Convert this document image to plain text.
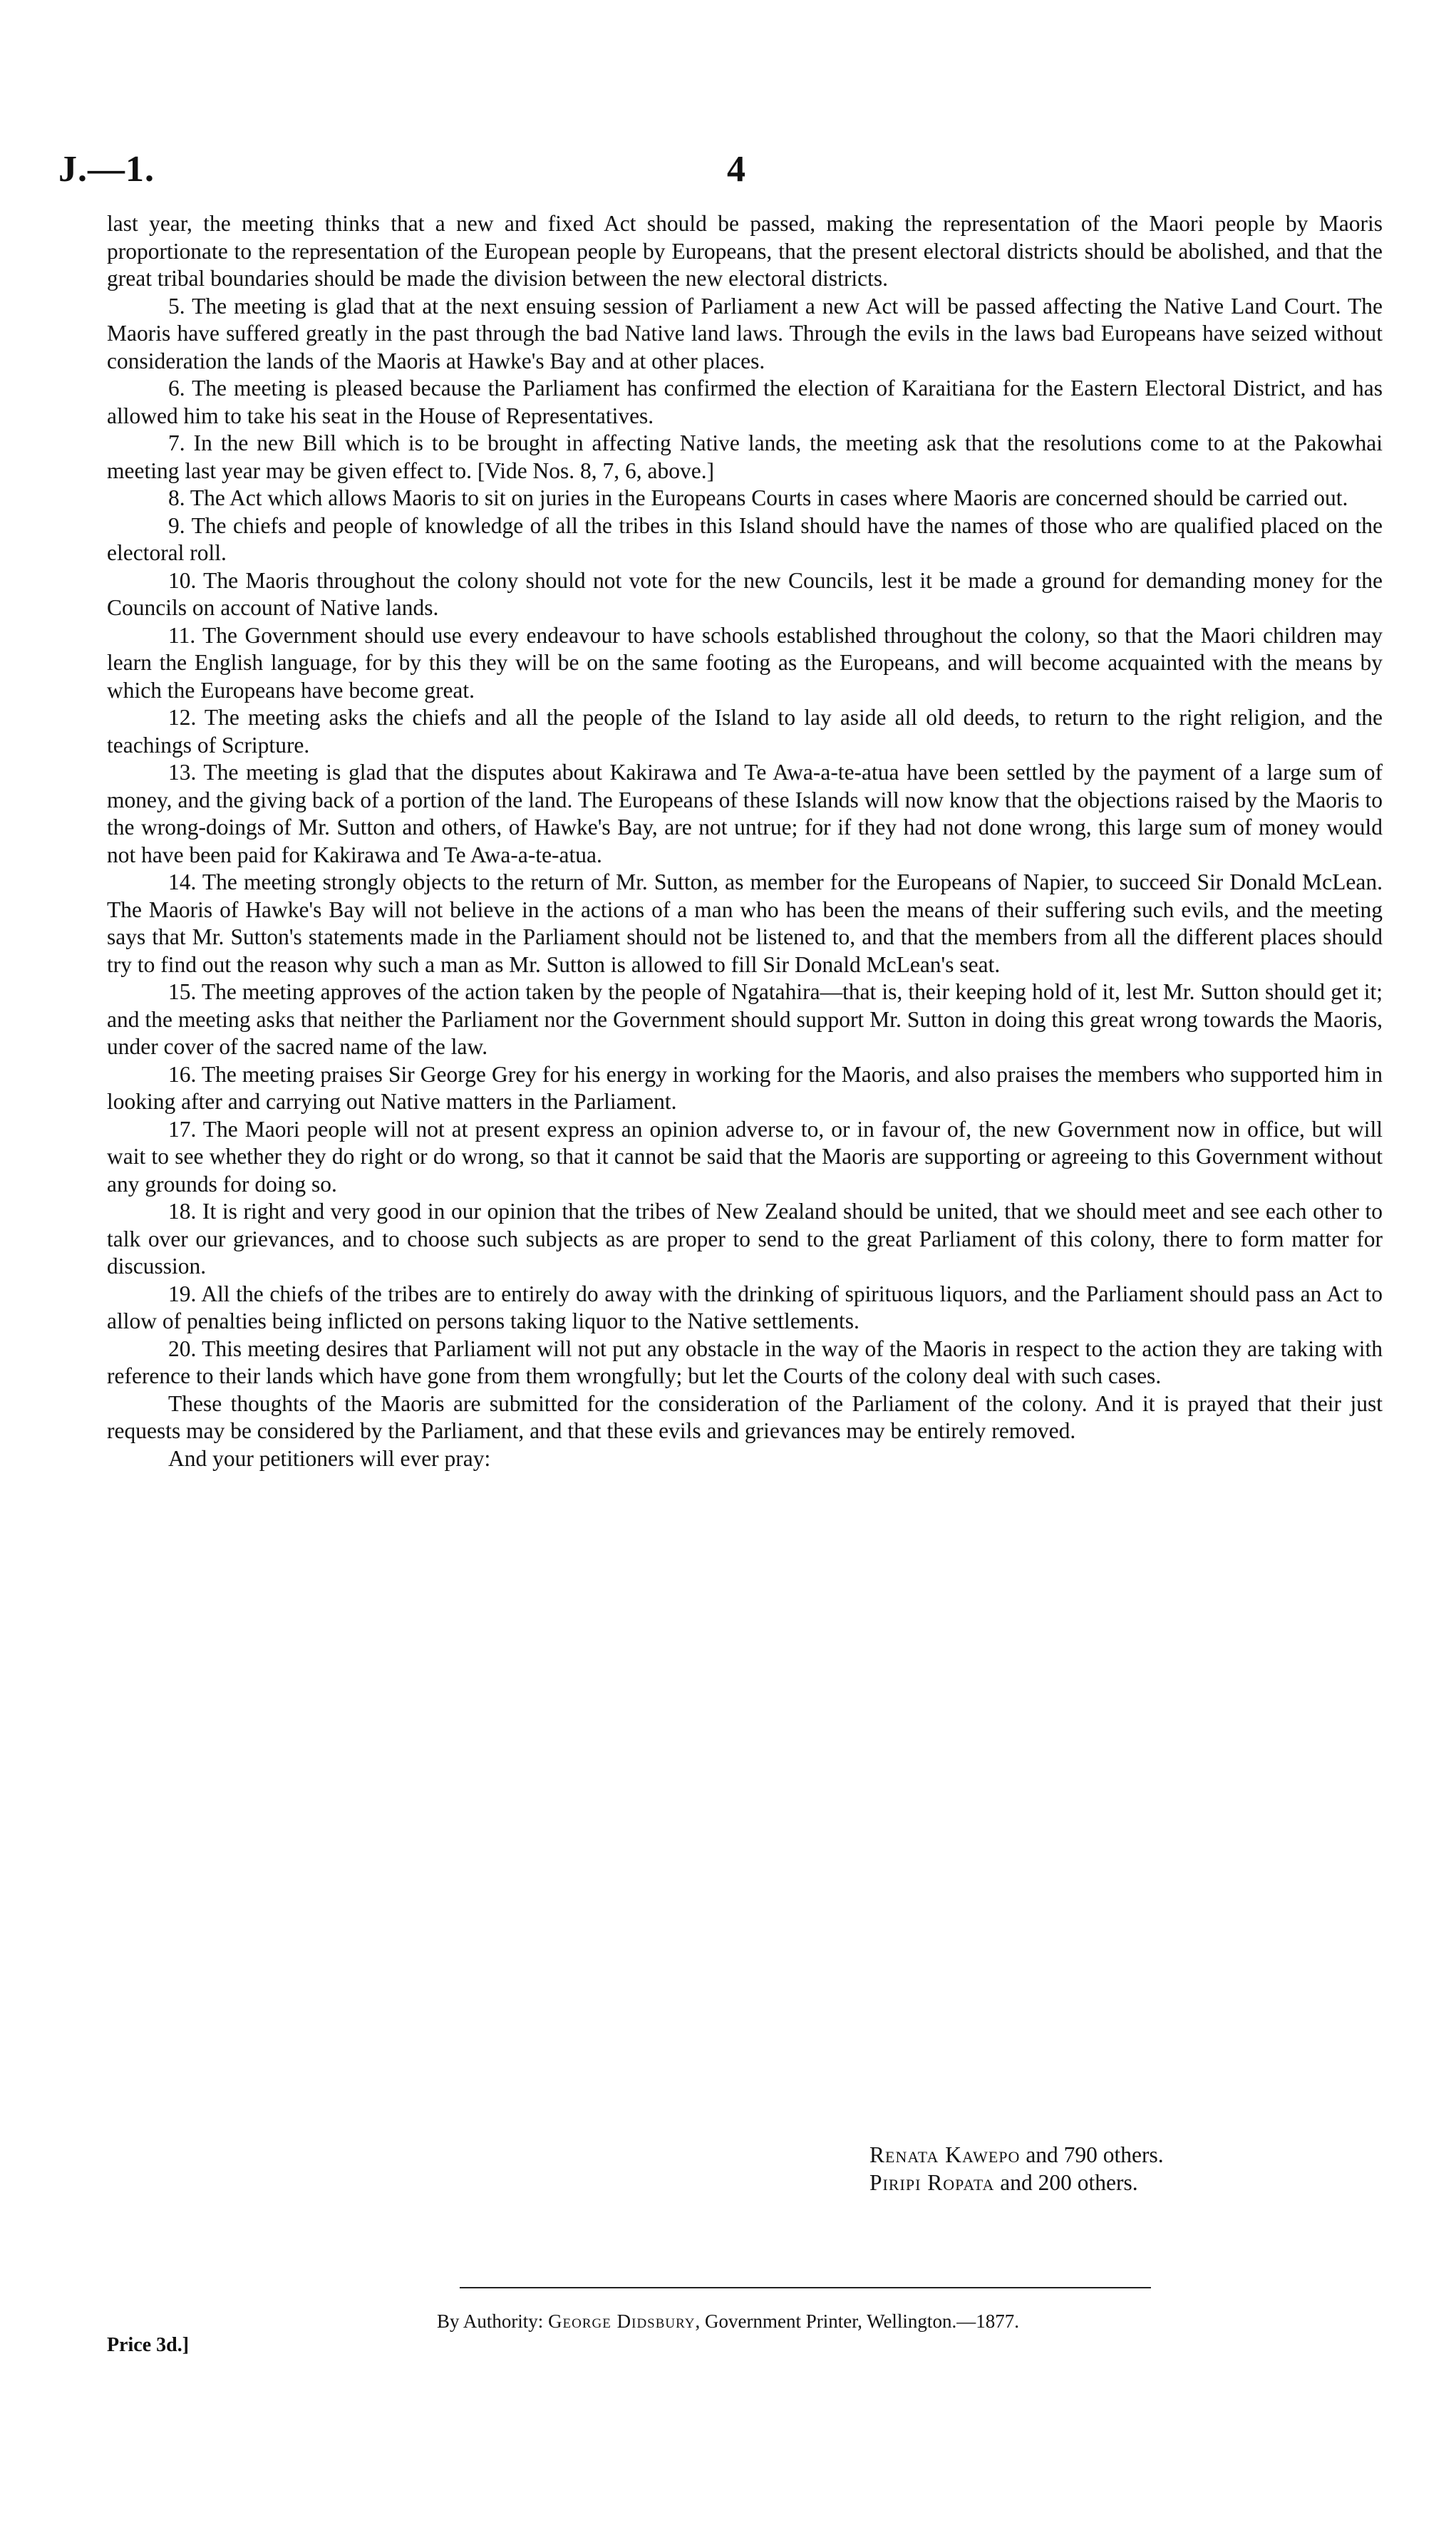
J.—1.	4

last year, the meeting thinks that a new and fixed Act should be passed, making the representation of the Maori people by Maoris proportionate to the representation of the European people by Europeans, that the present electoral districts should be abolished, and that the great tribal boundaries should be made the division between the new electoral districts.

5. The meeting is glad that at the next ensuing session of Parliament a new Act will be passed affecting the Native Land Court. The Maoris have suffered greatly in the past through the bad Native land laws. Through the evils in the laws bad Europeans have seized without consideration the lands of the Maoris at Hawke's Bay and at other places.

6. The meeting is pleased because the Parliament has confirmed the election of Karaitiana for the Eastern Electoral District, and has allowed him to take his seat in the House of Representatives.

7. In the new Bill which is to be brought in affecting Native lands, the meeting ask that the resolutions come to at the Pakowhai meeting last year may be given effect to. [Vide Nos. 8, 7, 6, above.]

8. The Act which allows Maoris to sit on juries in the Europeans Courts in cases where Maoris are concerned should be carried out.

9. The chiefs and people of knowledge of all the tribes in this Island should have the names of those who are qualified placed on the electoral roll.

10. The Maoris throughout the colony should not vote for the new Councils, lest it be made a ground for demanding money for the Councils on account of Native lands.

11. The Government should use every endeavour to have schools established throughout the colony, so that the Maori children may learn the English language, for by this they will be on the same footing as the Europeans, and will become acquainted with the means by which the Europeans have become great.

12. The meeting asks the chiefs and all the people of the Island to lay aside all old deeds, to return to the right religion, and the teachings of Scripture.

13. The meeting is glad that the disputes about Kakirawa and Te Awa-a-te-atua have been settled by the payment of a large sum of money, and the giving back of a portion of the land. The Europeans of these Islands will now know that the objections raised by the Maoris to the wrong-doings of Mr. Sutton and others, of Hawke's Bay, are not untrue; for if they had not done wrong, this large sum of money would not have been paid for Kakirawa and Te Awa-a-te-atua.

14. The meeting strongly objects to the return of Mr. Sutton, as member for the Europeans of Napier, to succeed Sir Donald McLean. The Maoris of Hawke's Bay will not believe in the actions of a man who has been the means of their suffering such evils, and the meeting says that Mr. Sutton's statements made in the Parliament should not be listened to, and that the members from all the different places should try to find out the reason why such a man as Mr. Sutton is allowed to fill Sir Donald McLean's seat.

15. The meeting approves of the action taken by the people of Ngatahira—that is, their keeping hold of it, lest Mr. Sutton should get it; and the meeting asks that neither the Parliament nor the Government should support Mr. Sutton in doing this great wrong towards the Maoris, under cover of the sacred name of the law.

16. The meeting praises Sir George Grey for his energy in working for the Maoris, and also praises the members who supported him in looking after and carrying out Native matters in the Parliament.

17. The Maori people will not at present express an opinion adverse to, or in favour of, the new Government now in office, but will wait to see whether they do right or do wrong, so that it cannot be said that the Maoris are supporting or agreeing to this Government without any grounds for doing so.

18. It is right and very good in our opinion that the tribes of New Zealand should be united, that we should meet and see each other to talk over our grievances, and to choose such subjects as are proper to send to the great Parliament of this colony, there to form matter for discussion.

19. All the chiefs of the tribes are to entirely do away with the drinking of spirituous liquors, and the Parliament should pass an Act to allow of penalties being inflicted on persons taking liquor to the Native settlements.

20. This meeting desires that Parliament will not put any obstacle in the way of the Maoris in respect to the action they are taking with reference to their lands which have gone from them wrongfully; but let the Courts of the colony deal with such cases.

These thoughts of the Maoris are submitted for the consideration of the Parliament of the colony. And it is prayed that their just requests may be considered by the Parliament, and that these evils and grievances may be entirely removed.

And your petitioners will ever pray:

Renata Kawepo and 790 others.
Piripi Ropata and 200 others.
By Authority: George Didsbury, Government Printer, Wellington.—1877.
Price 3d.]
